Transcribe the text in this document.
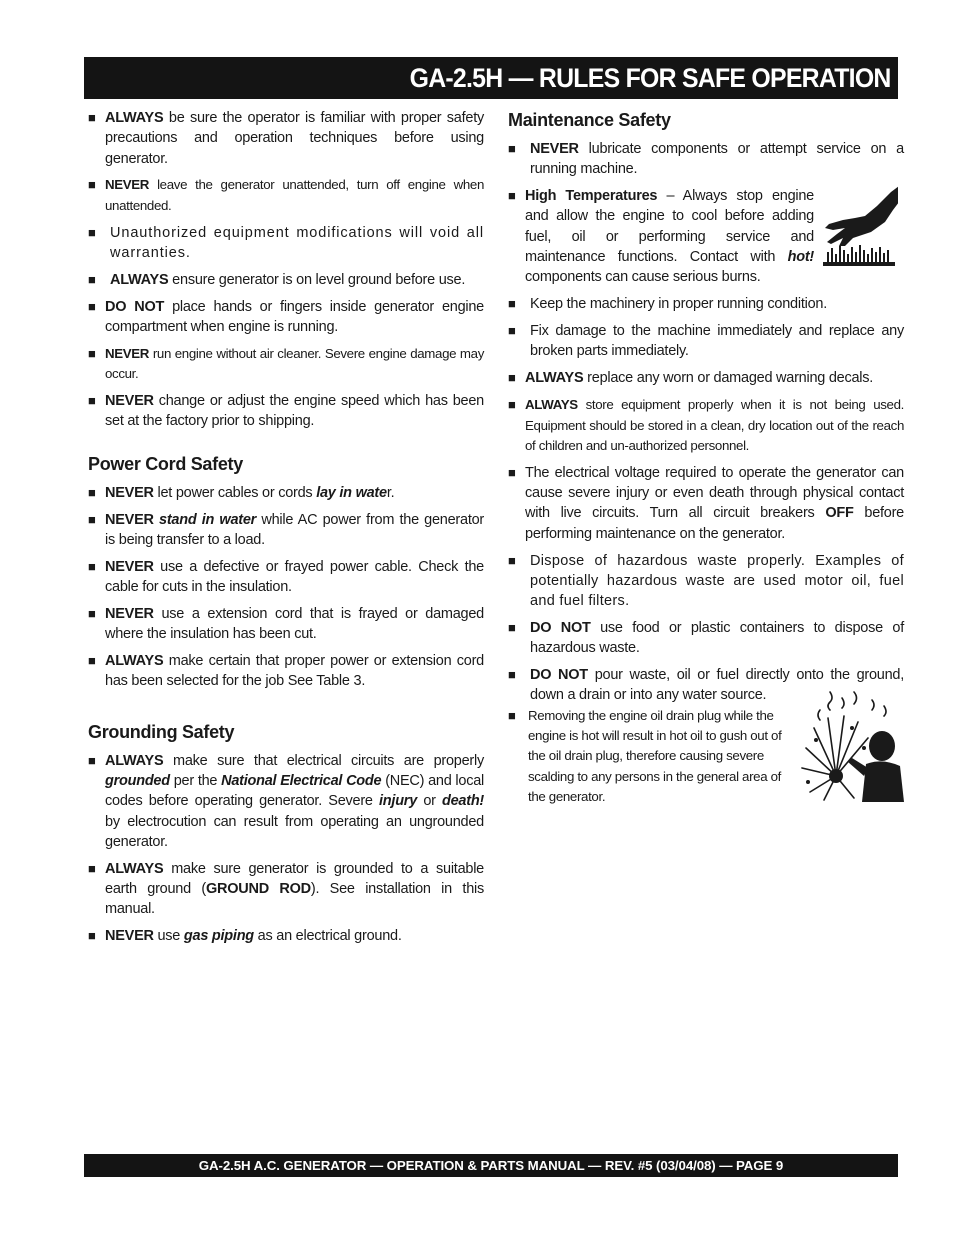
GA-2.5H — RULES FOR SAFE OPERATION
■ ALWAYS be sure the operator is familiar with proper safety precautions and operation techniques before using generator.
■ NEVER leave the generator unattended, turn off engine when unattended.
■ Unauthorized equipment modifications will void all warranties.
■ ALWAYS ensure generator is on level ground before use.
■ DO NOT place hands or fingers inside generator engine compartment when engine is running.
■ NEVER run engine without air cleaner. Severe engine damage may occur.
■ NEVER change or adjust the engine speed which has been set at the factory prior to shipping.
Power Cord Safety
■ NEVER let power cables or cords lay in water.
■ NEVER stand in water while AC power from the generator is being transfer to a load.
■ NEVER use a defective or frayed power cable. Check the cable for cuts in the insulation.
■ NEVER use a extension cord that is frayed or damaged where the insulation has been cut.
■ ALWAYS make certain that proper power or extension cord has been selected for the job See Table 3.
Grounding Safety
■ ALWAYS make sure that electrical circuits are properly grounded per the National Electrical Code (NEC) and local codes before operating generator. Severe injury or death! by electrocution can result from operating an ungrounded generator.
■ ALWAYS make sure generator is grounded to a suitable earth ground (GROUND ROD). See installation in this manual.
■ NEVER use gas piping as an electrical ground.
Maintenance Safety
■ NEVER lubricate components or attempt service on a running machine.
■ High Temperatures – Always stop engine and allow the engine to cool before adding fuel, oil or performing service and maintenance functions. Contact with hot! components can cause serious burns.
■ Keep the machinery in proper running condition.
■ Fix damage to the machine immediately and replace any broken parts immediately.
■ ALWAYS replace any worn or damaged warning decals.
■ ALWAYS store equipment properly when it is not being used. Equipment should be stored in a clean, dry location out of the reach of children and un-authorized personnel.
■ The electrical voltage required to operate the generator can cause severe injury or even death through physical contact with live circuits. Turn all circuit breakers OFF before performing maintenance on the generator.
■ Dispose of hazardous waste properly. Examples of potentially hazardous waste are used motor oil, fuel and fuel filters.
■ DO NOT use food or plastic containers to dispose of hazardous waste.
■ DO NOT pour waste, oil or fuel directly onto the ground, down a drain or into any water source.
■ Removing the engine oil drain plug while the engine is hot will result in hot oil to gush out of the oil drain plug, therefore causing severe scalding to any persons in the general area of the generator.
GA-2.5H A.C. GENERATOR — OPERATION & PARTS MANUAL — REV. #5 (03/04/08) — PAGE 9
